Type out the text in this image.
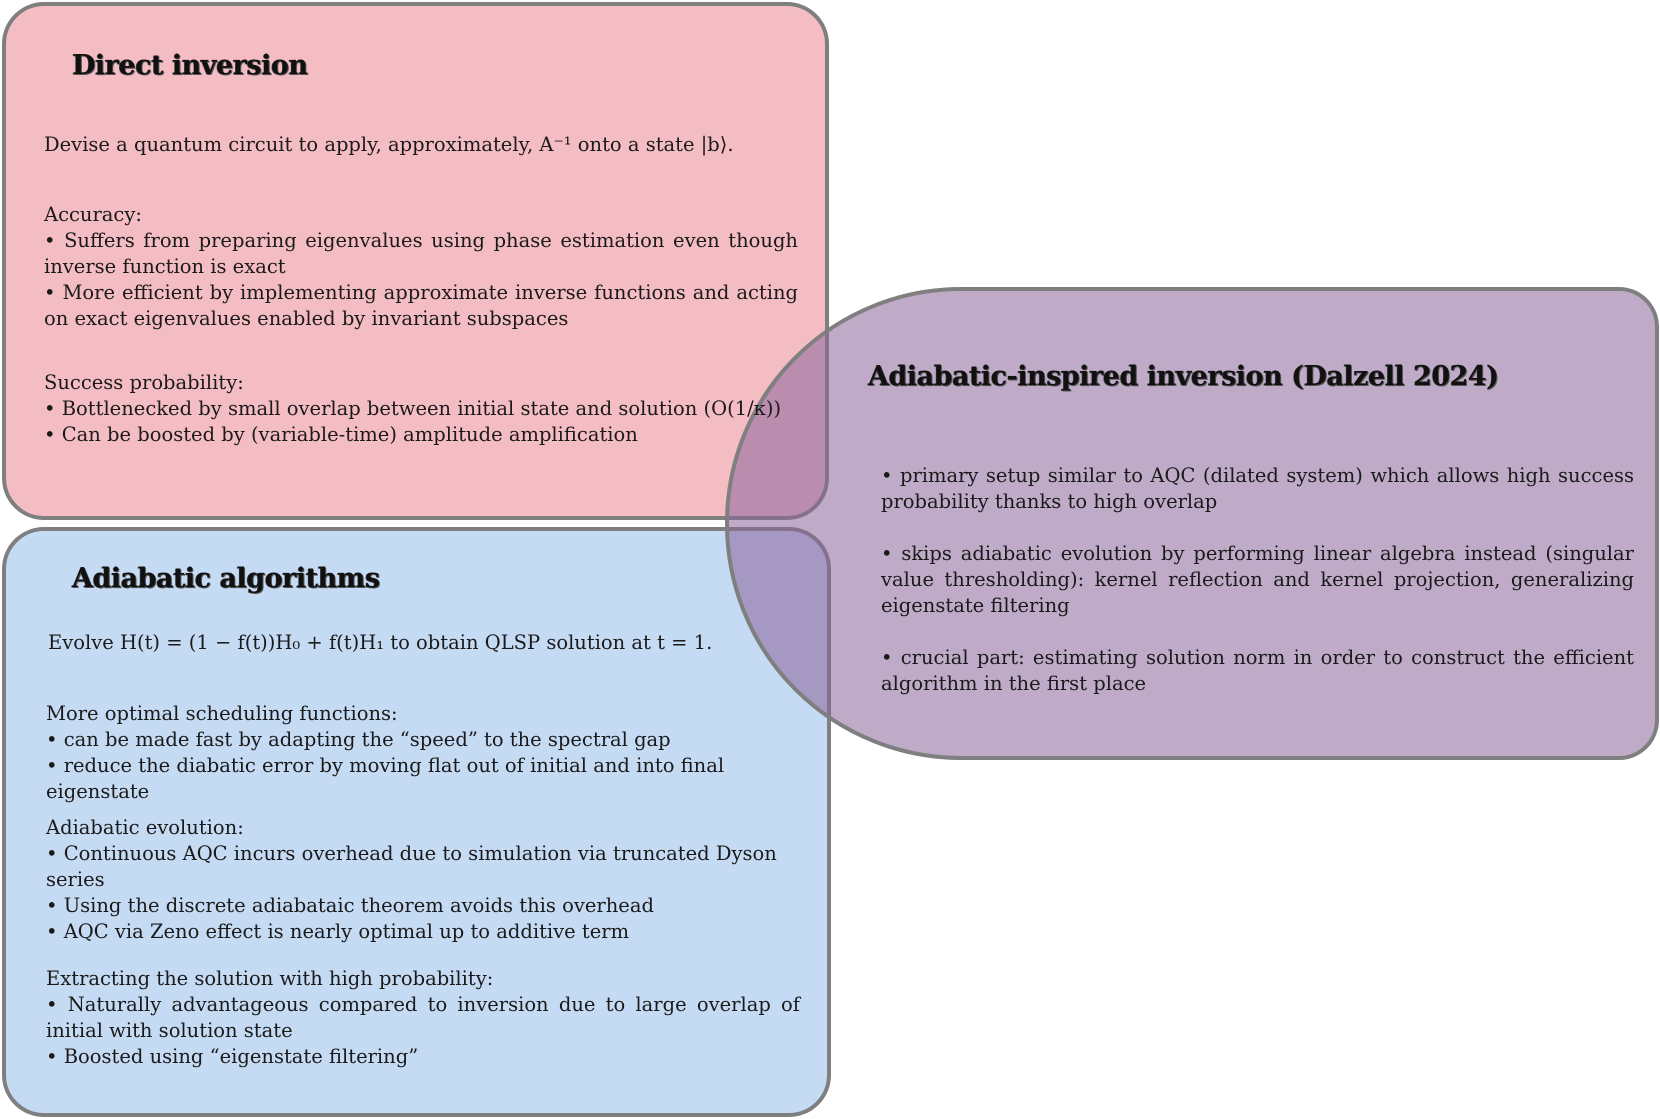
Direct inversion
Devise a quantum circuit to apply, approximately, A⁻¹ onto a state |b⟩.

Accuracy:

• Suffers from preparing eigenvalues using phase estimation even though inverse function is exact

• More efficient by implementing approximate inverse functions and acting on exact eigenvalues enabled by invariant subspaces

Success probability:

• Bottlenecked by small overlap between initial state and solution (O(1/κ))

• Can be boosted by (variable-time) amplitude amplification

Adiabatic algorithms
Evolve H(t) = (1 − f(t))H₀ + f(t)H₁ to obtain QLSP solution at t = 1.

More optimal scheduling functions:

• can be made fast by adapting the “speed” to the spectral gap

• reduce the diabatic error by moving flat out of initial and into final eigenstate

Adiabatic evolution:

• Continuous AQC incurs overhead due to simulation via truncated Dyson series

• Using the discrete adiabataic theorem avoids this overhead

• AQC via Zeno effect is nearly optimal up to additive term

Extracting the solution with high probability:

• Naturally advantageous compared to inversion due to large overlap of initial with solution state

• Boosted using “eigenstate filtering”

Adiabatic-inspired inversion (Dalzell 2024)

• primary setup similar to AQC (dilated system) which allows high success probability thanks to high overlap

• skips adiabatic evolution by performing linear algebra instead (singular value thresholding): kernel reflection and kernel projection, generalizing eigenstate filtering

• crucial part: estimating solution norm in order to construct the efficient algorithm in the first place
